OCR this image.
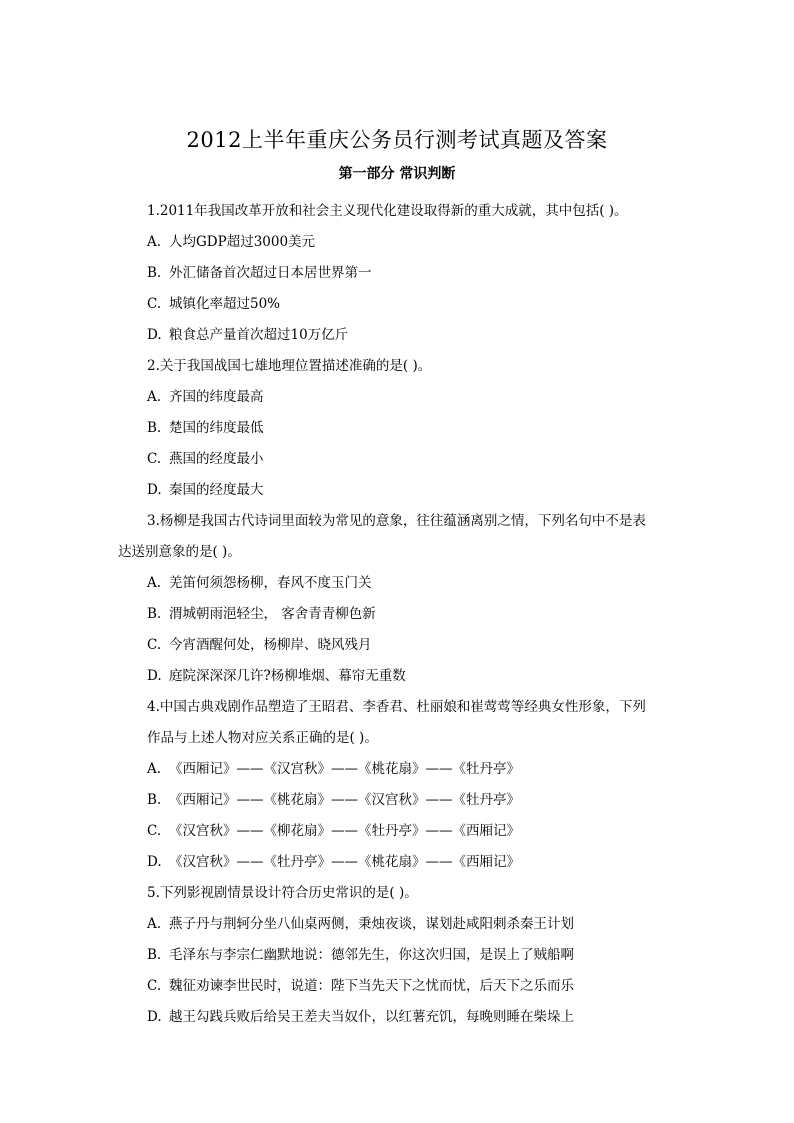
2012上半年重庆公务员行测考试真题及答案
第一部分 常识判断
1.2011年我国改革开放和社会主义现代化建设取得新的重大成就，其中包括( )。
A. 人均GDP超过3000美元
B. 外汇储备首次超过日本居世界第一
C. 城镇化率超过50%
D. 粮食总产量首次超过10万亿斤
2.关于我国战国七雄地理位置描述准确的是( )。
A. 齐国的纬度最高
B. 楚国的纬度最低
C. 燕国的经度最小
D. 秦国的经度最大
3.杨柳是我国古代诗词里面较为常见的意象，往往蕴涵离别之情，下列名句中不是表
达送别意象的是( )。
A. 羌笛何须怨杨柳，春风不度玉门关
B. 渭城朝雨浥轻尘， 客舍青青柳色新
C. 今宵酒醒何处，杨柳岸、晓风残月
D. 庭院深深深几许?杨柳堆烟、幕帘无重数
4.中国古典戏剧作品塑造了王昭君、李香君、杜丽娘和崔莺莺等经典女性形象，下列
作品与上述人物对应关系正确的是( )。
A. 《西厢记》——《汉宫秋》——《桃花扇》——《牡丹亭》
B. 《西厢记》——《桃花扇》——《汉宫秋》——《牡丹亭》
C. 《汉宫秋》——《柳花扇》——《牡丹亭》——《西厢记》
D. 《汉宫秋》——《牡丹亭》——《桃花扇》——《西厢记》
5.下列影视剧情景设计符合历史常识的是( )。
A. 燕子丹与荆轲分坐八仙桌两侧，秉烛夜谈，谋划赴咸阳刺杀秦王计划
B. 毛泽东与李宗仁幽默地说：德邻先生，你这次归国，是误上了贼船啊
C. 魏征劝谏李世民时，说道：陛下当先天下之忧而忧，后天下之乐而乐
D. 越王勾践兵败后给吴王差夫当奴仆，以红薯充饥，每晚则睡在柴垛上
